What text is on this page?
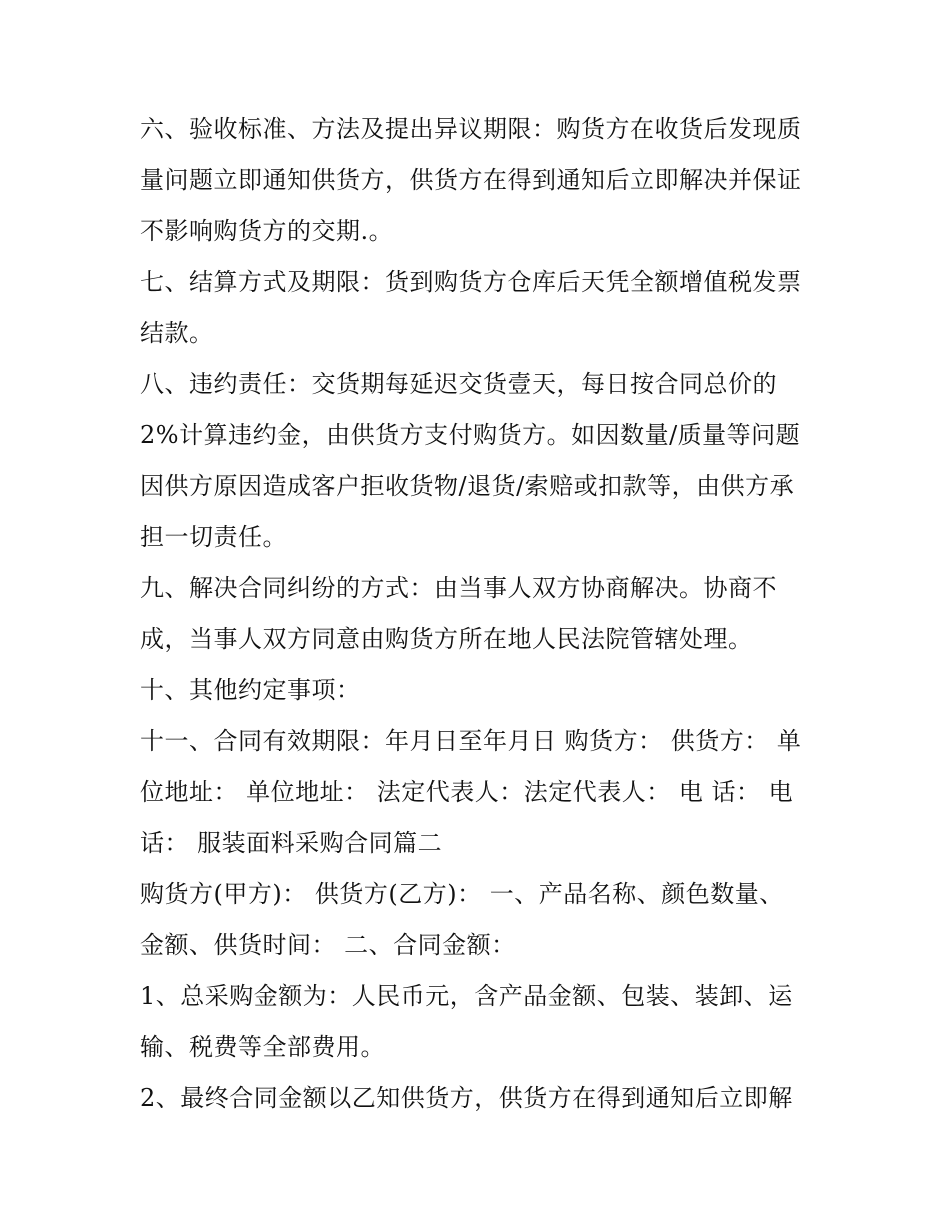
六、验收标准、方法及提出异议期限：购货方在收货后发现质
量问题立即通知供货方，供货方在得到通知后立即解决并保证
不影响购货方的交期.。
七、结算方式及期限：货到购货方仓库后天凭全额增值税发票
结款。
八、违约责任：交货期每延迟交货壹天，每日按合同总价的
2%计算违约金，由供货方支付购货方。如因数量/质量等问题
因供方原因造成客户拒收货物/退货/索赔或扣款等，由供方承
担一切责任。
九、解决合同纠纷的方式：由当事人双方协商解决。协商不
成，当事人双方同意由购货方所在地人民法院管辖处理。
十、其他约定事项：
十一、合同有效期限：年月日至年月日 购货方： 供货方： 单
位地址： 单位地址： 法定代表人：法定代表人： 电 话： 电
话： 服装面料采购合同篇二
购货方(甲方)： 供货方(乙方)： 一、产品名称、颜色数量、
金额、供货时间： 二、合同金额：
1、总采购金额为：人民币元，含产品金额、包装、装卸、运
输、税费等全部费用。
2、最终合同金额以乙知供货方，供货方在得到通知后立即解
